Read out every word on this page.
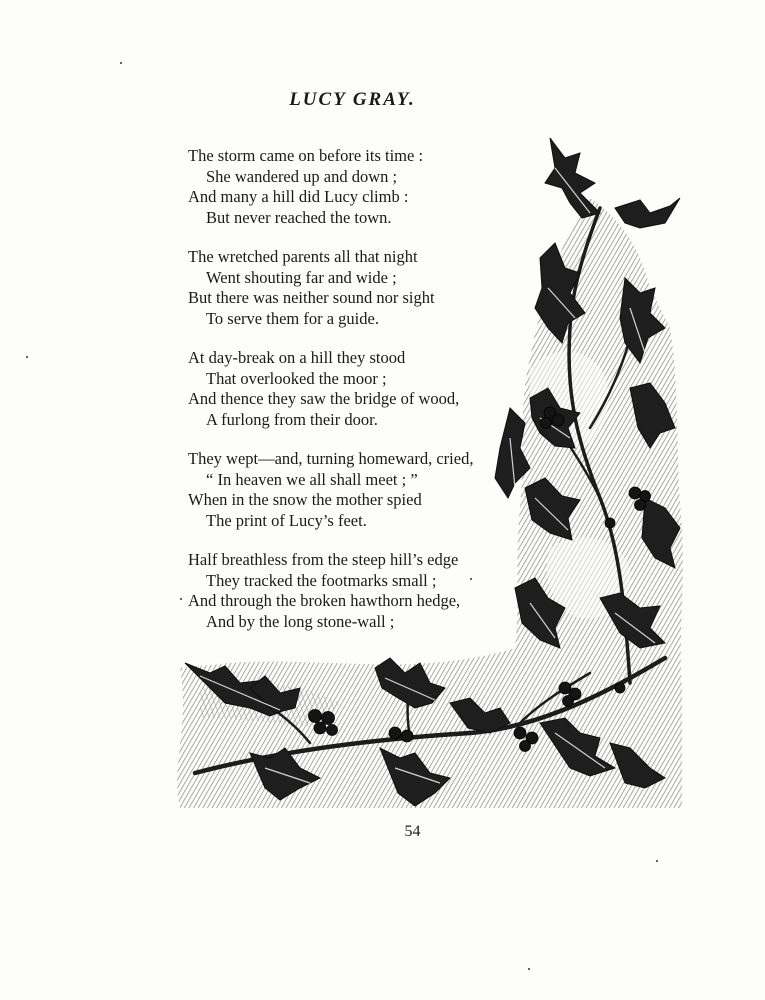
LUCY GRAY.
The storm came on before its time :
She wandered up and down ;
And many a hill did Lucy climb :
But never reached the town.
The wretched parents all that night
Went shouting far and wide ;
But there was neither sound nor sight
To serve them for a guide.
At day-break on a hill they stood
That overlooked the moor ;
And thence they saw the bridge of wood,
A furlong from their door.
They wept—and, turning homeward, cried,
“ In heaven we all shall meet ; ”
When in the snow the mother spied
The print of Lucy’s feet.
Half breathless from the steep hill’s edge
They tracked the footmarks small ;
And through the broken hawthorn hedge,
And by the long stone-wall ;
54
